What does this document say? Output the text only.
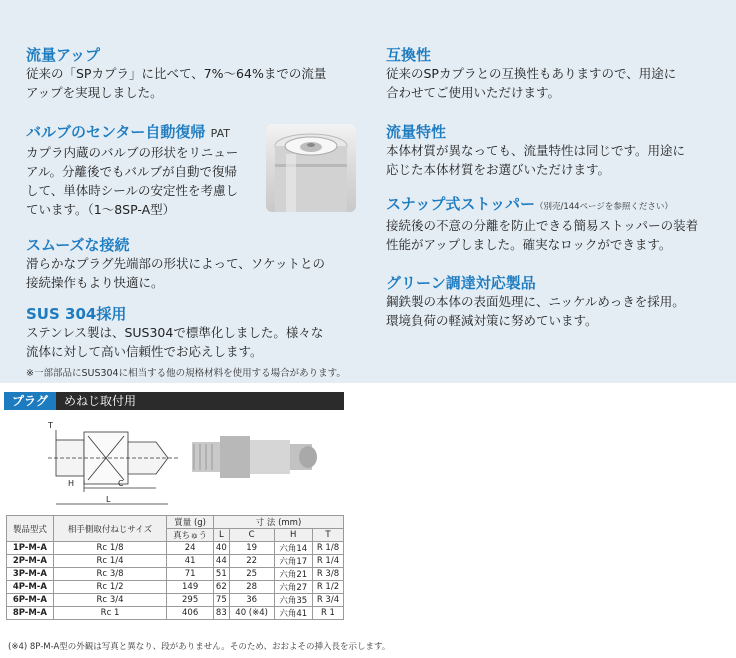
流量アップ
従来の「SPカプラ」に比べて、7%〜64%までの流量
アップを実現しました。
バルブのセンター自動復帰 PAT
カプラ内蔵のバルブの形状をリニュー
アル。分離後でもバルブが自動で復帰
して、単体時シールの安定性を考慮し
ています。（1〜8SP-A型）
スムーズな接続
滑らかなプラグ先端部の形状によって、ソケットとの
接続操作もより快適に。
SUS 304採用
ステンレス製は、SUS304で標準化しました。様々な
流体に対して高い信頼性でお応えします。
※一部部品にSUS304に相当する他の規格材料を使用する場合があります。
互換性
従来のSPカプラとの互換性もありますので、用途に
合わせてご使用いただけます。
流量特性
本体材質が異なっても、流量特性は同じです。用途に
応じた本体材質をお選びいただけます。
スナップ式ストッパー（別売/144ページを参照ください）
接続後の不意の分離を防止できる簡易ストッパーの装着
性能がアップしました。確実なロックができます。
グリーン調達対応製品
鋼鉄製の本体の表面処理に、ニッケルめっきを採用。
環境負荷の軽減対策に努めています。
プラグ	めねじ取付用
T
H	C
L
製品型式	相手側取付ねじサイズ	質量 (g)	寸 法 (mm)			
		真ちゅう	L	C	H	T
1P-M-A	Rc 1/8	24	40	19	六角14	R 1/8
2P-M-A	Rc 1/4	41	44	22	六角17	R 1/4
3P-M-A	Rc 3/8	71	51	25	六角21	R 3/8
4P-M-A	Rc 1/2	149	62	28	六角27	R 1/2
6P-M-A	Rc 3/4	295	75	36	六角35	R 3/4
8P-M-A	Rc 1	406	83	40 (※4)	六角41	R 1
(※4) 8P-M-A型の外観は写真と異なり、段がありません。そのため、おおよその挿入長を示します。
